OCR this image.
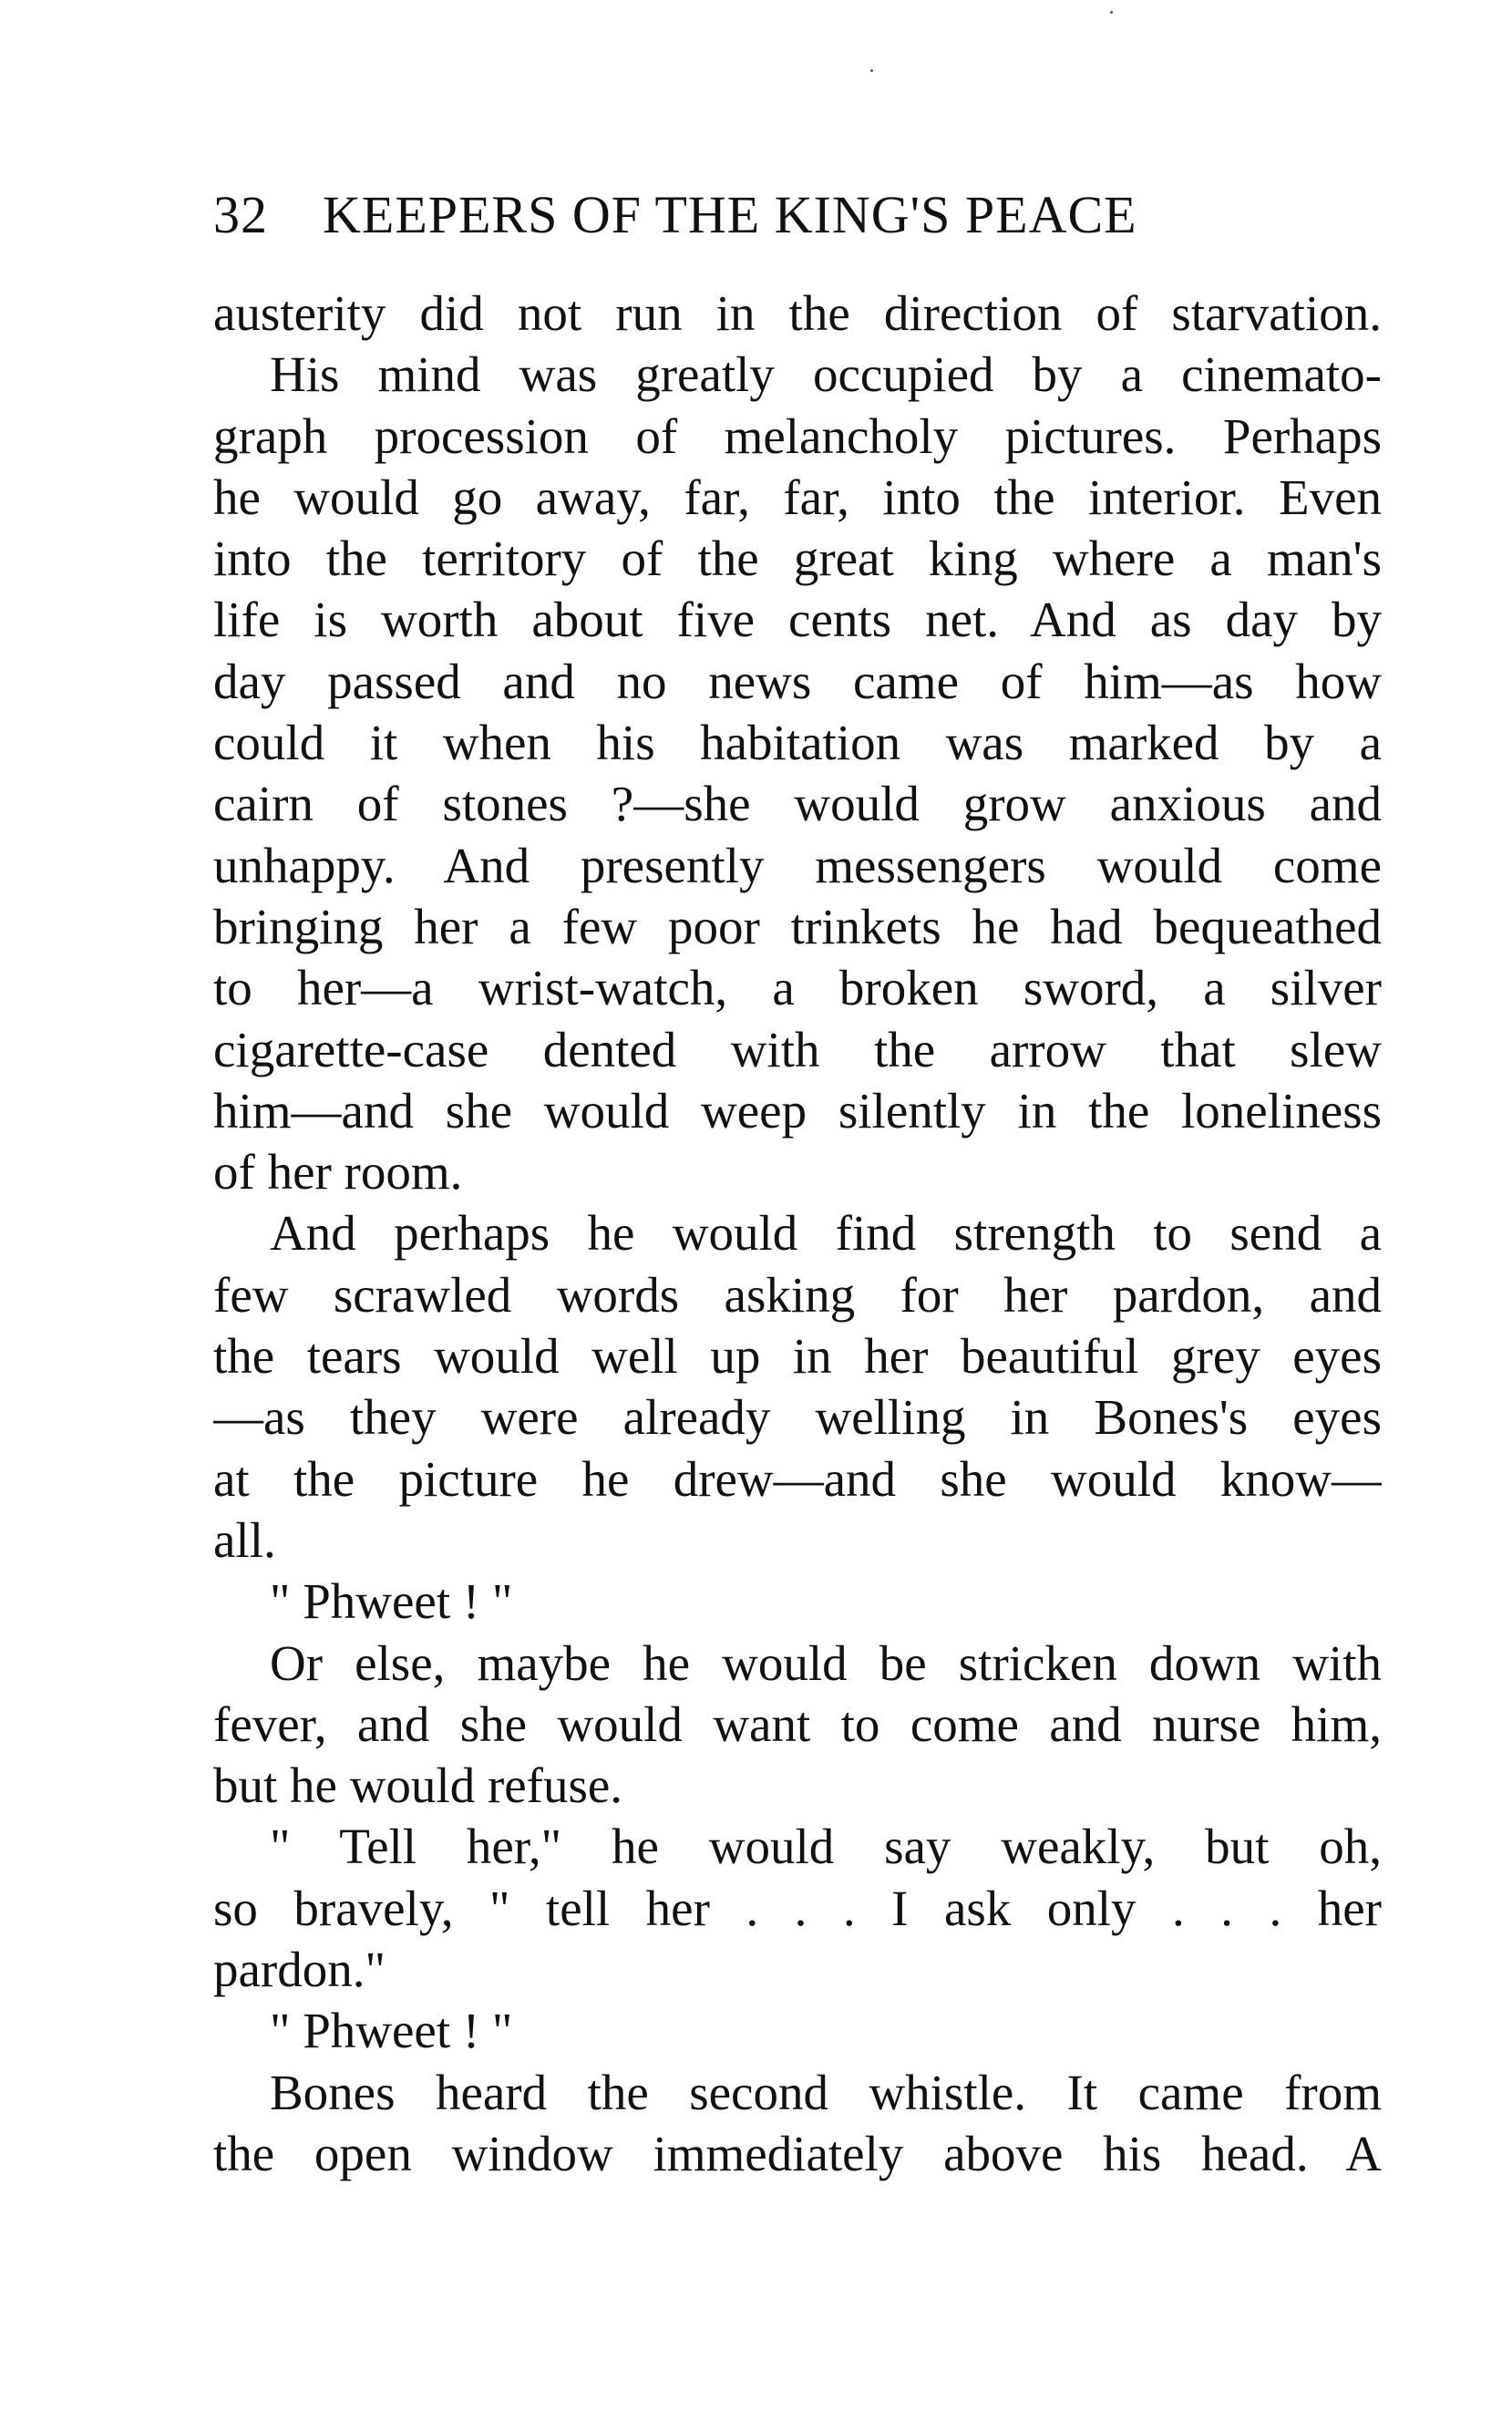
32 KEEPERS OF THE KING'S PEACE
austerity did not run in the direction of starvation.
His mind was greatly occupied by a cinemato-
graph procession of melancholy pictures. Perhaps
he would go away, far, far, into the interior. Even
into the territory of the great king where a man's
life is worth about five cents net. And as day by
day passed and no news came of him—as how
could it when his habitation was marked by a
cairn of stones ?—she would grow anxious and
unhappy. And presently messengers would come
bringing her a few poor trinkets he had bequeathed
to her—a wrist-watch, a broken sword, a silver
cigarette-case dented with the arrow that slew
him—and she would weep silently in the loneliness
of her room.
And perhaps he would find strength to send a
few scrawled words asking for her pardon, and
the tears would well up in her beautiful grey eyes
—as they were already welling in Bones's eyes
at the picture he drew—and she would know—
all.
" Phweet ! "
Or else, maybe he would be stricken down with
fever, and she would want to come and nurse him,
but he would refuse.
" Tell her," he would say weakly, but oh,
so bravely, " tell her . . . I ask only . . . her
pardon."
" Phweet ! "
Bones heard the second whistle. It came from
the open window immediately above his head. A
